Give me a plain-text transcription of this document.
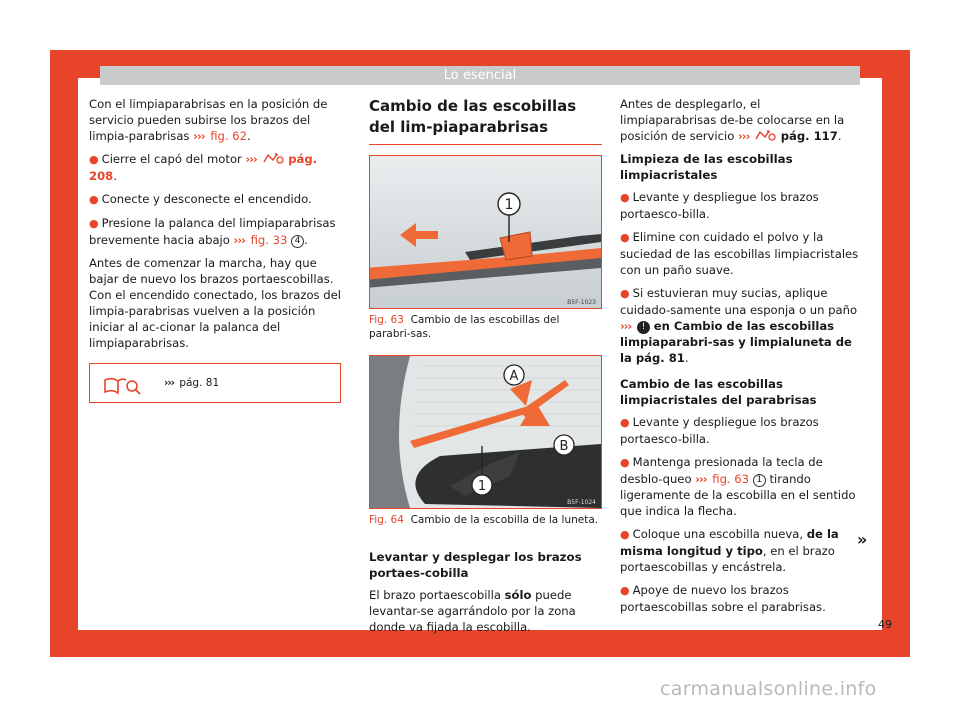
Lo esencial

Con el limpiaparabrisas en la posición de servicio pueden subirse los brazos del limpia-parabrisas ››› fig. 62.

● Cierre el capó del motor ›››	pág. 208.

● Conecte y desconecte el encendido.

● Presione la palanca del limpiaparabrisas brevemente hacia abajo ››› fig. 33 4 .

Antes de comenzar la marcha, hay que bajar de nuevo los brazos portaescobillas. Con el encendido conectado, los brazos del limpia-parabrisas vuelven a la posición iniciar al ac-cionar la palanca del limpiaparabrisas.

››› pág. 81
Cambio de las escobillas del lim-piaparabrisas
1
B5F-1023
Fig. 63 Cambio de las escobillas del parabri-sas.
1
A
B
B5F-1024
Fig. 64 Cambio de la escobilla de la luneta.
Levantar y desplegar los brazos portaes-cobilla

El brazo portaescobilla sólo puede levantar-se agarrándolo por la zona donde va fijada la escobilla.

Antes de desplegarlo, el limpiaparabrisas de-be colocarse en la posición de servicio ›››	pág. 117.

Limpieza de las escobillas limpiacristales

● Levante y despliegue los brazos portaesco-billa.

● Elimine con cuidado el polvo y la suciedad de las escobillas limpiacristales con un paño suave.

● Si estuvieran muy sucias, aplique cuidado-samente una esponja o un paño ››› ! en Cambio de las escobillas limpiaparabri-sas y limpialuneta de la pág. 81.

Cambio de las escobillas limpiacristales del parabrisas

● Levante y despliegue los brazos portaesco-billa.

● Mantenga presionada la tecla de desblo-queo ››› fig. 63 1 tirando ligeramente de la escobilla en el sentido que indica la flecha.

● Coloque una escobilla nueva, de la misma longitud y tipo, en el brazo portaescobillas y encástrela.

● Apoye de nuevo los brazos portaescobillas sobre el parabrisas.

»
49
carmanualsonline.info
